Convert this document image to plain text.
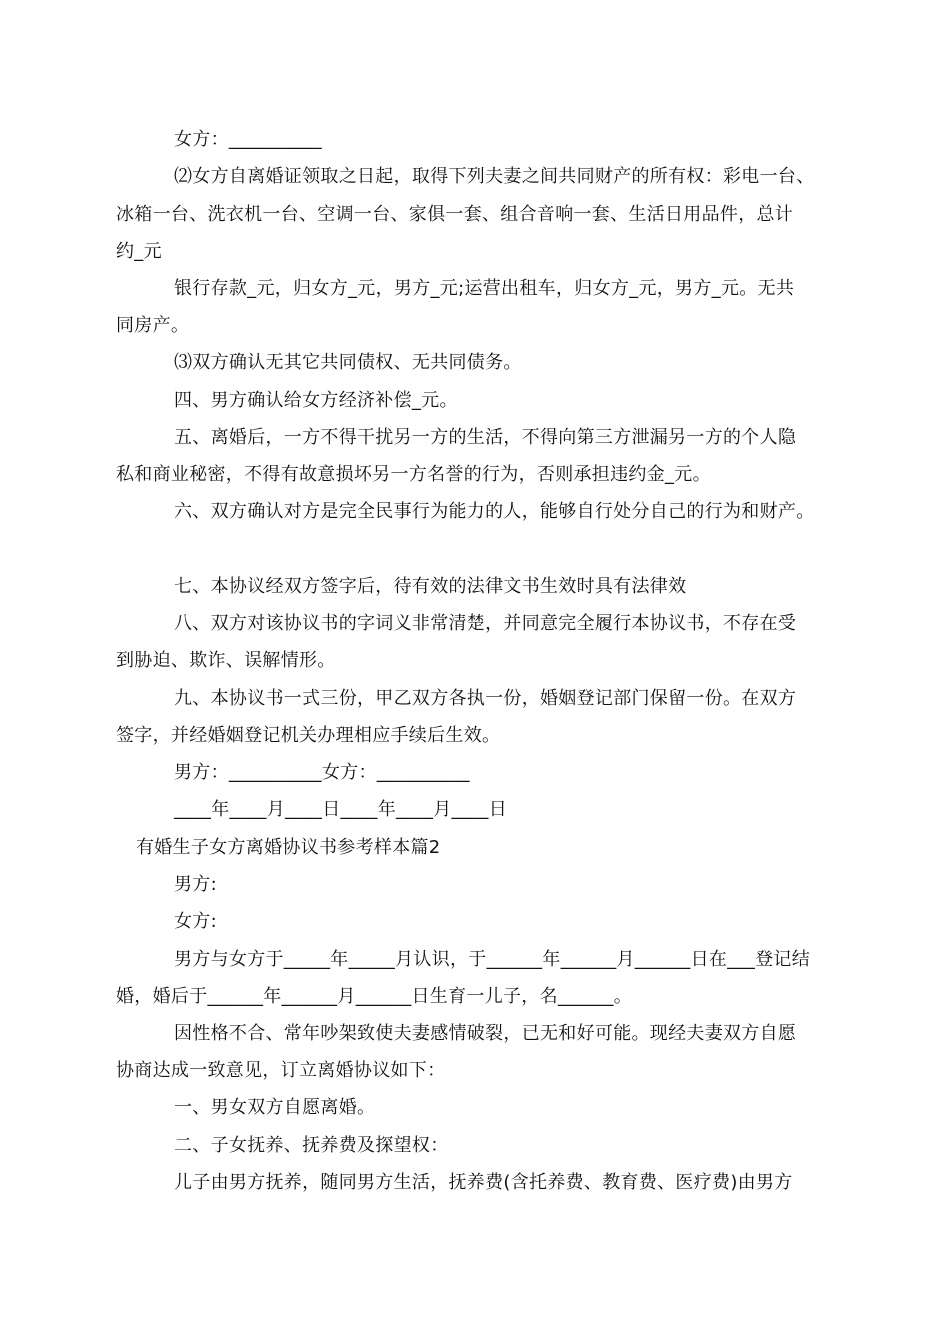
女方：__________
⑵女方自离婚证领取之日起，取得下列夫妻之间共同财产的所有权：彩电一台、
冰箱一台、洗衣机一台、空调一台、家俱一套、组合音响一套、生活日用品件，总计
约_元
银行存款_元，归女方_元，男方_元;运营出租车，归女方_元，男方_元。无共
同房产。
⑶双方确认无其它共同债权、无共同债务。
四、男方确认给女方经济补偿_元。
五、离婚后，一方不得干扰另一方的生活，不得向第三方泄漏另一方的个人隐
私和商业秘密，不得有故意损坏另一方名誉的行为，否则承担违约金_元。
六、双方确认对方是完全民事行为能力的人，能够自行处分自己的行为和财产。
七、本协议经双方签字后，待有效的法律文书生效时具有法律效
八、双方对该协议书的字词义非常清楚，并同意完全履行本协议书，不存在受
到胁迫、欺诈、误解情形。
九、本协议书一式三份，甲乙双方各执一份，婚姻登记部门保留一份。在双方
签字，并经婚姻登记机关办理相应手续后生效。
男方：__________女方：__________
____年____月____日____年____月____日
有婚生子女方离婚协议书参考样本篇2
男方:
女方:
男方与女方于_____年_____月认识，于______年______月______日在___登记结
婚，婚后于______年______月______日生育一儿子，名______。
因性格不合、常年吵架致使夫妻感情破裂，已无和好可能。现经夫妻双方自愿
协商达成一致意见，订立离婚协议如下：
一、男女双方自愿离婚。
二、子女抚养、抚养费及探望权：
儿子由男方抚养，随同男方生活，抚养费(含托养费、教育费、医疗费)由男方
